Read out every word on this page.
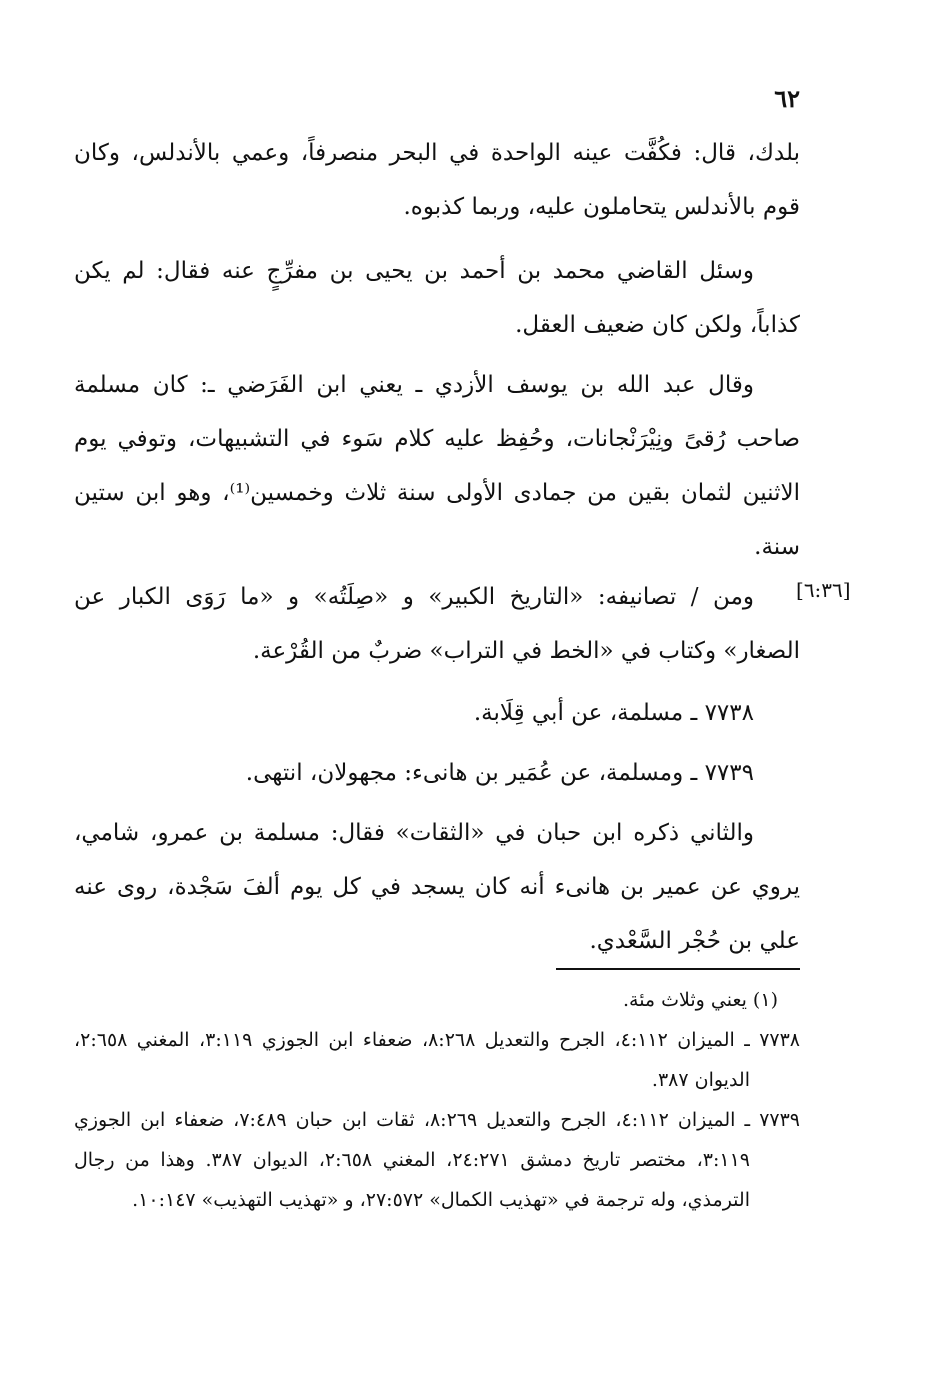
٦٢

بلدك، قال: فكُفَّت عينه الواحدة في البحر منصرفاً، وعمي بالأندلس، وكان قوم بالأندلس يتحاملون عليه، وربما كذبوه.

وسئل القاضي محمد بن أحمد بن يحيى بن مفرِّجٍ عنه فقال: لم يكن كذاباً، ولكن كان ضعيف العقل.

وقال عبد الله بن يوسف الأزدي ـ يعني ابن الفَرَضي ـ: كان مسلمة صاحب رُقىً ونِيْرَنْجانات، وحُفِظ عليه كلام سَوء في التشبيهات، وتوفي يوم الاثنين لثمان بقين من جمادى الأولى سنة ثلاث وخمسين⁽¹⁾، وهو ابن ستين سنة.

[٦:٣٦]

ومن / تصانيفه: «التاريخ الكبير» و «صِلَتُه» و «ما رَوَى الكبار عن الصغار» وكتاب في «الخط في التراب» ضربٌ من القُرْعة.

٧٧٣٨ ـ مسلمة، عن أبي قِلَابة.

٧٧٣٩ ـ ومسلمة، عن عُمَير بن هانىء: مجهولان، انتهى.

والثاني ذكره ابن حبان في «الثقات» فقال: مسلمة بن عمرو، شامي، يروي عن عمير بن هانىء أنه كان يسجد في كل يوم ألفَ سَجْدة، روى عنه علي بن حُجْر السَّعْدي.

(١) يعني وثلاث مئة.

٧٧٣٨ ـ الميزان ٤:١١٢، الجرح والتعديل ٨:٢٦٨، ضعفاء ابن الجوزي ٣:١١٩، المغني ٢:٦٥٨، الديوان ٣٨٧.

٧٧٣٩ ـ الميزان ٤:١١٢، الجرح والتعديل ٨:٢٦٩، ثقات ابن حبان ٧:٤٨٩، ضعفاء ابن الجوزي ٣:١١٩، مختصر تاريخ دمشق ٢٤:٢٧١، المغني ٢:٦٥٨، الديوان ٣٨٧. وهذا من رجال الترمذي، وله ترجمة في «تهذيب الكمال» ٢٧:٥٧٢، و «تهذيب التهذيب» ١٠:١٤٧.
